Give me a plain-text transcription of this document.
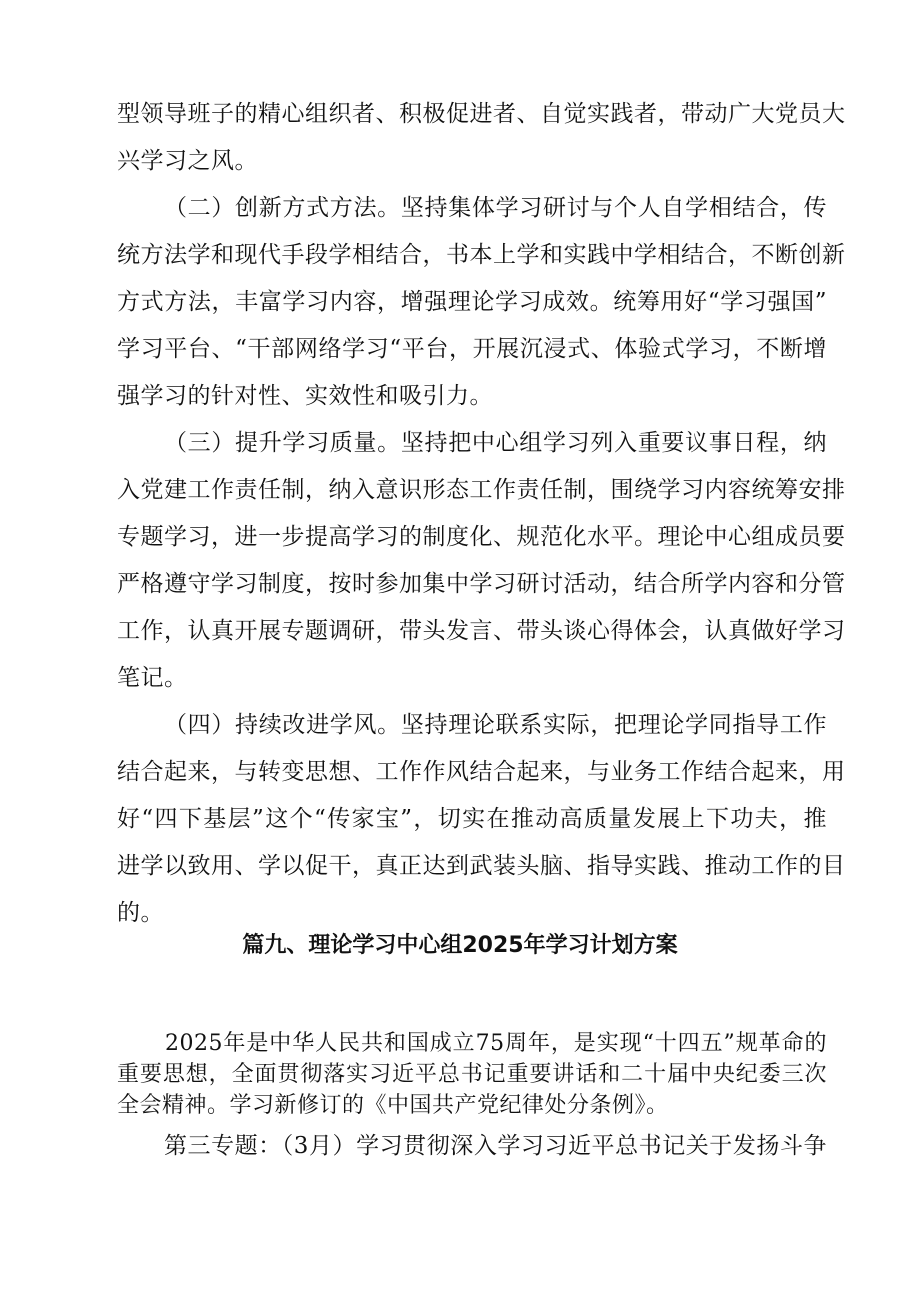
型领导班子的精心组织者、积极促进者、自觉实践者，带动广大党员大
兴学习之风。
（二）创新方式方法。坚持集体学习研讨与个人自学相结合，传
统方法学和现代手段学相结合，书本上学和实践中学相结合，不断创新
方式方法，丰富学习内容，增强理论学习成效。统筹用好“学习强国”
学习平台、“干部网络学习“平台，开展沉浸式、体验式学习，不断增
强学习的针对性、实效性和吸引力。
（三）提升学习质量。坚持把中心组学习列入重要议事日程，纳
入党建工作责任制，纳入意识形态工作责任制，围绕学习内容统筹安排
专题学习，进一步提高学习的制度化、规范化水平。理论中心组成员要
严格遵守学习制度，按时参加集中学习研讨活动，结合所学内容和分管
工作，认真开展专题调研，带头发言、带头谈心得体会，认真做好学习
笔记。
（四）持续改进学风。坚持理论联系实际，把理论学同指导工作
结合起来，与转变思想、工作作风结合起来，与业务工作结合起来，用
好“四下基层”这个“传家宝”，切实在推动高质量发展上下功夫，推
进学以致用、学以促干，真正达到武装头脑、指导实践、推动工作的目
的。
篇九、理论学习中心组2025年学习计划方案
2025年是中华人民共和国成立75周年，是实现“十四五”规革命的
重要思想，全面贯彻落实习近平总书记重要讲话和二十届中央纪委三次
全会精神。学习新修订的《中国共产党纪律处分条例》。
第三专题：（3月）学习贯彻深入学习习近平总书记关于发扬斗争
